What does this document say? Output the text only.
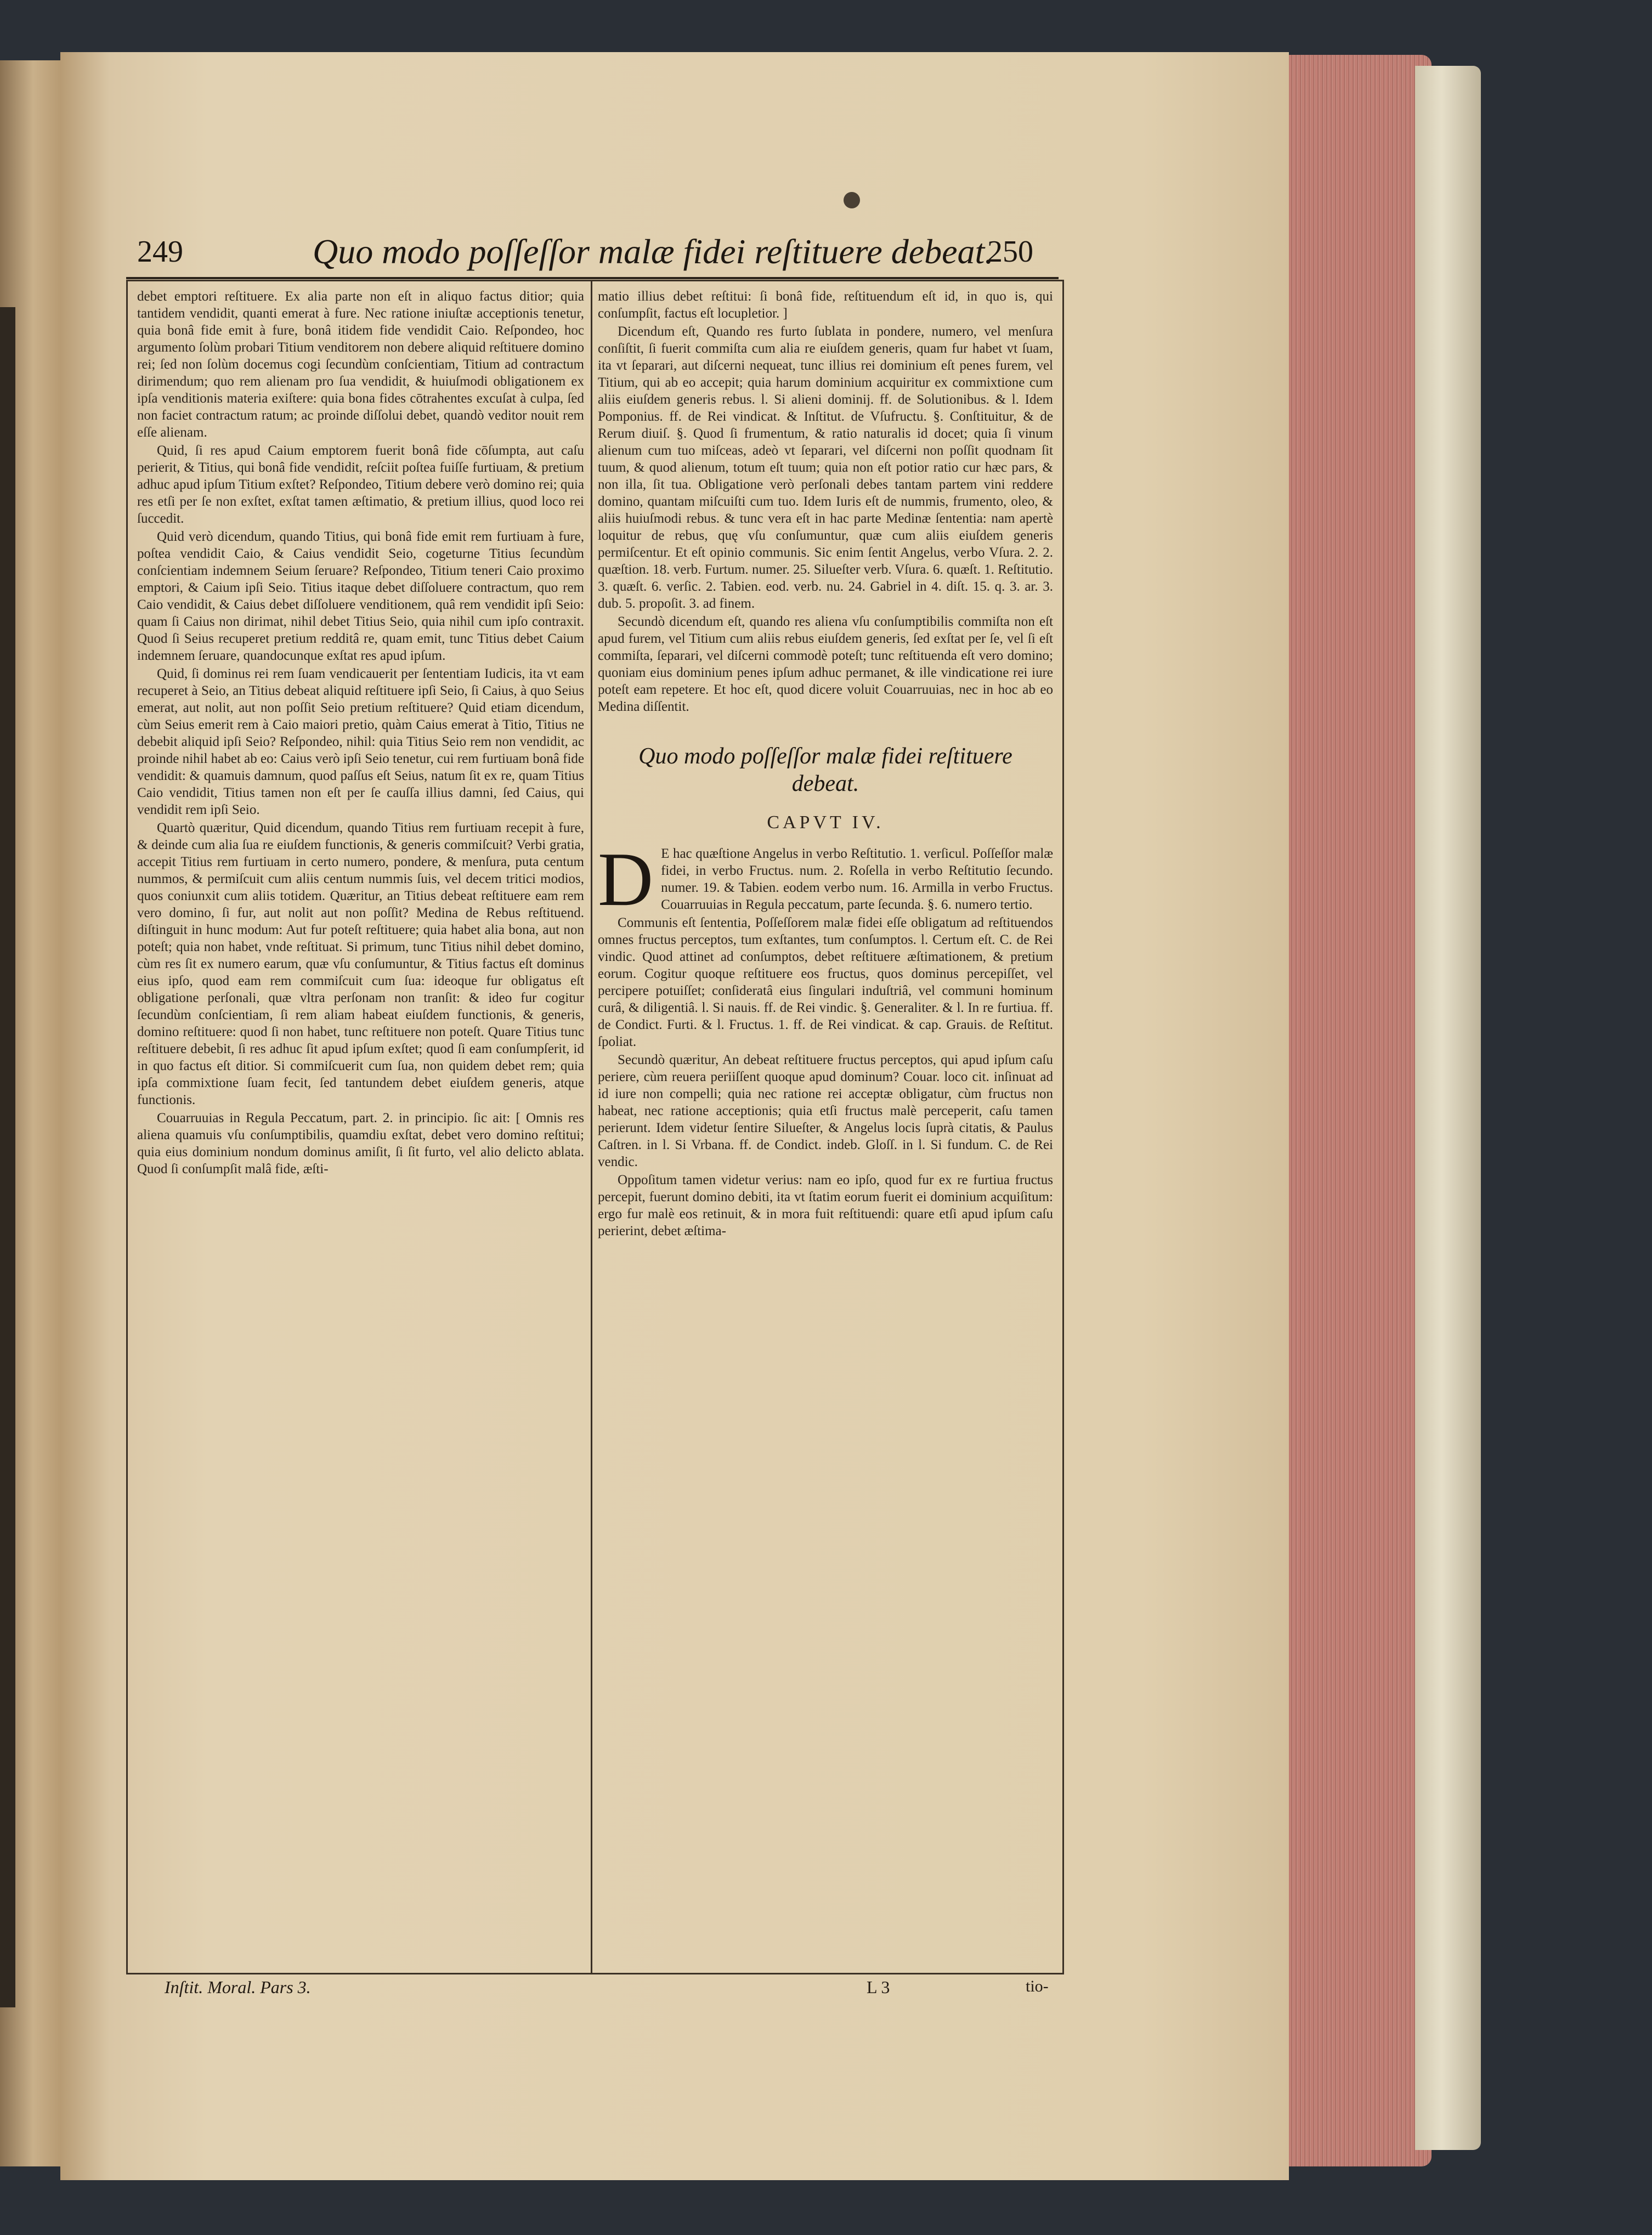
249	Quo modo poſſeſſor malæ fidei reſtituere debeat.
250

debet emptori reſtituere. Ex alia parte non eſt in aliquo factus ditior; quia tantidem vendidit, quanti emerat à fure. Nec ratione iniuſtæ acceptionis tenetur, quia bonâ fide emit à fure, bonâ itidem fide vendidit Caio. Reſpondeo, hoc argumento ſolùm probari Titium venditorem non debere aliquid reſtituere domino rei; ſed non ſolùm docemus cogi ſecundùm conſcientiam, Titium ad contractum dirimendum; quo rem alienam pro ſua vendidit, & huiuſmodi obligationem ex ipſa venditionis materia exiſtere: quia bona fides cōtrahentes excuſat à culpa, ſed non faciet contractum ratum; ac proinde diſſolui debet, quandò veditor nouit rem eſſe alienam.

Quid, ſi res apud Caium emptorem fuerit bonâ fide cōſumpta, aut caſu perierit, & Titius, qui bonâ fide vendidit, reſciit poſtea fuiſſe furtiuam, & pretium adhuc apud ipſum Titium exſtet? Reſpondeo, Titium debere verò domino rei; quia res etſi per ſe non exſtet, exſtat tamen æſtimatio, & pretium illius, quod loco rei ſuccedit.

Quid verò dicendum, quando Titius, qui bonâ fide emit rem furtiuam à fure, poſtea vendidit Caio, & Caius vendidit Seio, cogeturne Titius ſecundùm conſcientiam indemnem Seium ſeruare? Reſpondeo, Titium teneri Caio proximo emptori, & Caium ipſi Seio. Titius itaque debet diſſoluere contractum, quo rem Caio vendidit, & Caius debet diſſoluere venditionem, quâ rem vendidit ipſi Seio: quam ſi Caius non dirimat, nihil debet Titius Seio, quia nihil cum ipſo contraxit. Quod ſi Seius recuperet pretium redditâ re, quam emit, tunc Titius debet Caium indemnem ſeruare, quandocunque exſtat res apud ipſum.

Quid, ſi dominus rei rem ſuam vendicauerit per ſententiam Iudicis, ita vt eam recuperet à Seio, an Titius debeat aliquid reſtituere ipſi Seio, ſi Caius, à quo Seius emerat, aut nolit, aut non poſſit Seio pretium reſtituere? Quid etiam dicendum, cùm Seius emerit rem à Caio maiori pretio, quàm Caius emerat à Titio, Titius ne debebit aliquid ipſi Seio? Reſpondeo, nihil: quia Titius Seio rem non vendidit, ac proinde nihil habet ab eo: Caius verò ipſi Seio tenetur, cui rem furtiuam bonâ fide vendidit: & quamuis damnum, quod paſſus eſt Seius, natum ſit ex re, quam Titius Caio vendidit, Titius tamen non eſt per ſe cauſſa illius damni, ſed Caius, qui vendidit rem ipſi Seio.

Quartò quæritur, Quid dicendum, quando Titius rem furtiuam recepit à fure, & deinde cum alia ſua re eiuſdem functionis, & generis commiſcuit? Verbi gratia, accepit Titius rem furtiuam in certo numero, pondere, & menſura, puta centum nummos, & permiſcuit cum aliis centum nummis ſuis, vel decem tritici modios, quos coniunxit cum aliis totidem. Quæritur, an Titius debeat reſtituere eam rem vero domino, ſi fur, aut nolit aut non poſſit? Medina de Rebus reſtituend. diſtinguit in hunc modum: Aut fur poteſt reſtituere; quia habet alia bona, aut non poteſt; quia non habet, vnde reſtituat. Si primum, tunc Titius nihil debet domino, cùm res ſit ex numero earum, quæ vſu conſumuntur, & Titius factus eſt dominus eius ipſo, quod eam rem commiſcuit cum ſua: ideoque fur obligatus eſt obligatione perſonali, quæ vltra perſonam non tranſit: & ideo fur cogitur ſecundùm conſcientiam, ſi rem aliam habeat eiuſdem functionis, & generis, domino reſtituere: quod ſi non habet, tunc reſtituere non poteſt. Quare Titius tunc reſtituere debebit, ſi res adhuc ſit apud ipſum exſtet; quod ſi eam conſumpſerit, id in quo factus eſt ditior. Si commiſcuerit cum ſua, non quidem debet rem; quia ipſa commixtione ſuam fecit, ſed tantundem debet eiuſdem generis, atque functionis.

Couarruuias in Regula Peccatum, part. 2. in principio. ſic ait: [ Omnis res aliena quamuis vſu conſumptibilis, quamdiu exſtat, debet vero domino reſtitui; quia eius dominium nondum dominus amiſit, ſi ſit furto, vel alio delicto ablata. Quod ſi conſumpſit malâ fide, æſti-

matio illius debet reſtitui: ſi bonâ fide, reſtituendum eſt id, in quo is, qui conſumpſit, factus eſt locupletior. ]

Dicendum eſt, Quando res furto ſublata in pondere, numero, vel menſura conſiſtit, ſi fuerit commiſta cum alia re eiuſdem generis, quam fur habet vt ſuam, ita vt ſeparari, aut diſcerni nequeat, tunc illius rei dominium eſt penes furem, vel Titium, qui ab eo accepit; quia harum dominium acquiritur ex commixtione cum aliis eiuſdem generis rebus. l. Si alieni dominij. ff. de Solutionibus. & l. Idem Pomponius. ff. de Rei vindicat. & Inſtitut. de Vſufructu. §. Conſtituitur, & de Rerum diuiſ. §. Quod ſi frumentum, & ratio naturalis id docet; quia ſi vinum alienum cum tuo miſceas, adeò vt ſeparari, vel diſcerni non poſſit quodnam ſit tuum, & quod alienum, totum eſt tuum; quia non eſt potior ratio cur hæc pars, & non illa, ſit tua. Obligatione verò perſonali debes tantam partem vini reddere domino, quantam miſcuiſti cum tuo. Idem Iuris eſt de nummis, frumento, oleo, & aliis huiuſmodi rebus. & tunc vera eſt in hac parte Medinæ ſententia: nam apertè loquitur de rebus, quę vſu conſumuntur, quæ cum aliis eiuſdem generis permiſcentur. Et eſt opinio communis. Sic enim ſentit Angelus, verbo Vſura. 2. 2. quæſtion. 18. verb. Furtum. numer. 25. Silueſter verb. Vſura. 6. quæſt. 1. Reſtitutio. 3. quæſt. 6. verſic. 2. Tabien. eod. verb. nu. 24. Gabriel in 4. diſt. 15. q. 3. ar. 3. dub. 5. propoſit. 3. ad finem.

Secundò dicendum eſt, quando res aliena vſu conſumptibilis commiſta non eſt apud furem, vel Titium cum aliis rebus eiuſdem generis, ſed exſtat per ſe, vel ſi eſt commiſta, ſeparari, vel diſcerni commodè poteſt; tunc reſtituenda eſt vero domino; quoniam eius dominium penes ipſum adhuc permanet, & ille vindicatione rei iure poteſt eam repetere. Et hoc eſt, quod dicere voluit Couarruuias, nec in hoc ab eo Medina diſſentit.

Quo modo poſſeſſor malæ fidei reſtituere debeat.
CAPVT IV.

D E hac quæſtione Angelus in verbo Reſtitutio. 1. verſicul. Poſſeſſor malæ fidei, in verbo Fructus. num. 2. Roſella in verbo Reſtitutio ſecundo. numer. 19. & Tabien. eodem verbo num. 16. Armilla in verbo Fructus. Couarruuias in Regula peccatum, parte ſecunda. §. 6. numero tertio.

Communis eſt ſententia, Poſſeſſorem malæ fidei eſſe obligatum ad reſtituendos omnes fructus perceptos, tum exſtantes, tum conſumptos. l. Certum eſt. C. de Rei vindic. Quod attinet ad conſumptos, debet reſtituere æſtimationem, & pretium eorum. Cogitur quoque reſtituere eos fructus, quos dominus percepiſſet, vel percipere potuiſſet; conſideratâ eius ſingulari induſtriâ, vel communi hominum curâ, & diligentiâ. l. Si nauis. ff. de Rei vindic. §. Generaliter. & l. In re furtiua. ff. de Condict. Furti. & l. Fructus. 1. ff. de Rei vindicat. & cap. Grauis. de Reſtitut. ſpoliat.

Secundò quæritur, An debeat reſtituere fructus perceptos, qui apud ipſum caſu periere, cùm reuera periiſſent quoque apud dominum? Couar. loco cit. inſinuat ad id iure non compelli; quia nec ratione rei acceptæ obligatur, cùm fructus non habeat, nec ratione acceptionis; quia etſi fructus malè perceperit, caſu tamen perierunt. Idem videtur ſentire Silueſter, & Angelus locis ſuprà citatis, & Paulus Caſtren. in l. Si Vrbana. ff. de Condict. indeb. Gloſſ. in l. Si fundum. C. de Rei vendic.

Oppoſitum tamen videtur verius: nam eo ipſo, quod fur ex re furtiua fructus percepit, fuerunt domino debiti, ita vt ſtatim eorum fuerit ei dominium acquiſitum: ergo fur malè eos retinuit, & in mora fuit reſtituendi: quare etſi apud ipſum caſu perierint, debet æſtima-

Inſtit. Moral. Pars 3.	L 3	tio-
